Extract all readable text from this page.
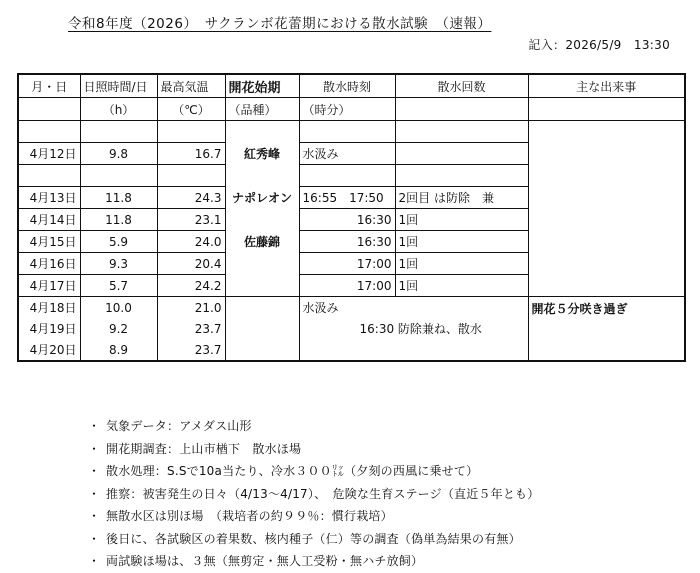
令和8年度（2026）　サクランボ花蕾期における散水試験　（速報）
記入：2026/5/9　13:30
月・日	日照時間/日	最高気温	開花始期	散水時刻	散水回数	主な出来事
	（h）	（℃）	（品種）	（時分）		

4月12日	9.8	16.7	紅秀峰	水汲み		

4月13日	11.8	24.3	ナポレオン	16:55　17:50	2回目 は防除　兼	
4月14日	11.8	23.1		16:30	1回	
4月15日	5.9	24.0	佐藤錦	16:30	1回	
4月16日	9.3	20.4		17:00	1回	
4月17日	5.7	24.2		17:00	1回	
4月18日	10.0	21.0		水汲み		開花５分咲き過ぎ
4月19日	9.2	23.7		16:30 防除兼ね、散水		
4月20日	8.9	23.7				
・ 気象データ：アメダス山形
・ 開花期調査：上山市楢下　散水ほ場
・ 散水処理：S.Sで10a当たり、冷水３００㍑（夕刻の西風に乗せて）
・ 推察：被害発生の日々（4/13～4/17）、　危険な生育ステージ（直近５年とも）
・ 無散水区は別ほ場　（栽培者の約９９％：慣行栽培）
・ 後日に、各試験区の着果数、核内種子（仁）等の調査（偽単為結果の有無）
・ 両試験ほ場は、３無（無剪定・無人工受粉・無ハチ放飼）
